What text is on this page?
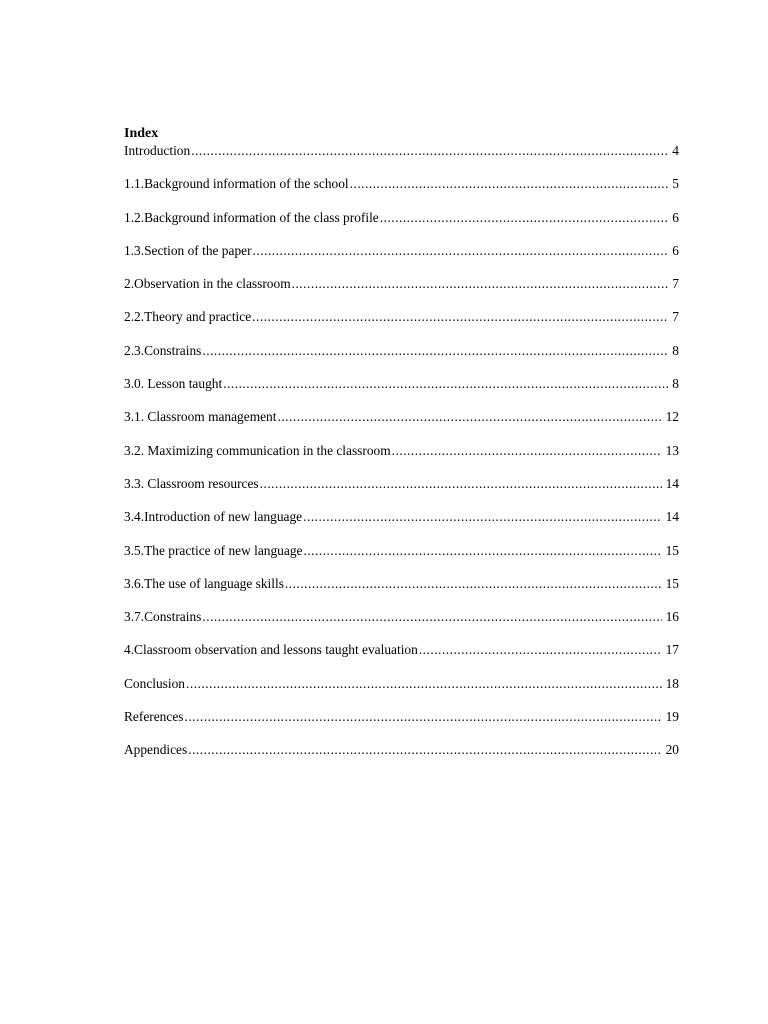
Index
Introduction .....	4
1.1.Background information of the school .....	5
1.2.Background information of the class profile .....	6
1.3.Section of the paper .....	6
2.Observation in the classroom .....	7
2.2.Theory and practice .....	7
2.3.Constrains .....	8
3.0. Lesson taught .....	8
3.1. Classroom management .....	12
3.2. Maximizing communication in the classroom .....	13
3.3. Classroom resources .....	14
3.4.Introduction of new language .....	14
3.5.The practice of new language .....	15
3.6.The use of language skills .....	15
3.7.Constrains .....	16
4.Classroom observation and lessons taught evaluation .....	17
Conclusion .....	18
References .....	19
Appendices .....	20
